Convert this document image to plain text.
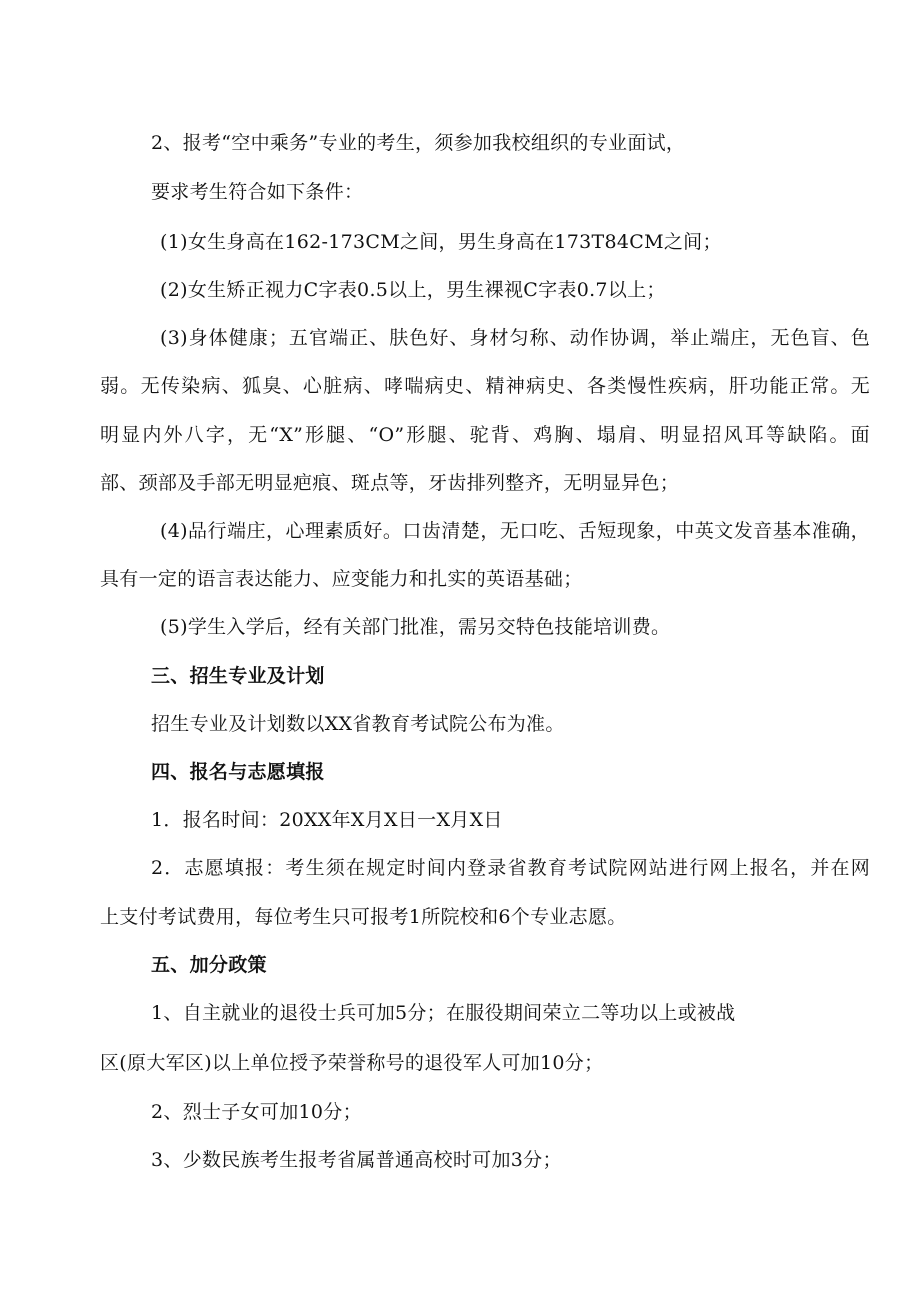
2、报考“空中乘务”专业的考生，须参加我校组织的专业面试，
要求考生符合如下条件：
(1)女生身高在162-173CM之间，男生身高在173T84CM之间；
(2)女生矫正视力C字表0.5以上，男生裸视C字表0.7以上；
(3)身体健康；五官端正、肤色好、身材匀称、动作协调，举止端庄，无色盲、色
弱。无传染病、狐臭、心脏病、哮喘病史、精神病史、各类慢性疾病，肝功能正常。无
明显内外八字，无“X”形腿、“O”形腿、驼背、鸡胸、塌肩、明显招风耳等缺陷。面
部、颈部及手部无明显疤痕、斑点等，牙齿排列整齐，无明显异色；
(4)品行端庄，心理素质好。口齿清楚，无口吃、舌短现象，中英文发音基本准确，
具有一定的语言表达能力、应变能力和扎实的英语基础；
(5)学生入学后，经有关部门批准，需另交特色技能培训费。
三、招生专业及计划
招生专业及计划数以XX省教育考试院公布为准。
四、报名与志愿填报
1．报名时间：20XX年X月X日一X月X日
2．志愿填报：考生须在规定时间内登录省教育考试院网站进行网上报名，并在网
上支付考试费用，每位考生只可报考1所院校和6个专业志愿。
五、加分政策
1、自主就业的退役士兵可加5分；在服役期间荣立二等功以上或被战
区(原大军区)以上单位授予荣誉称号的退役军人可加10分；
2、烈士子女可加10分；
3、少数民族考生报考省属普通高校时可加3分；
